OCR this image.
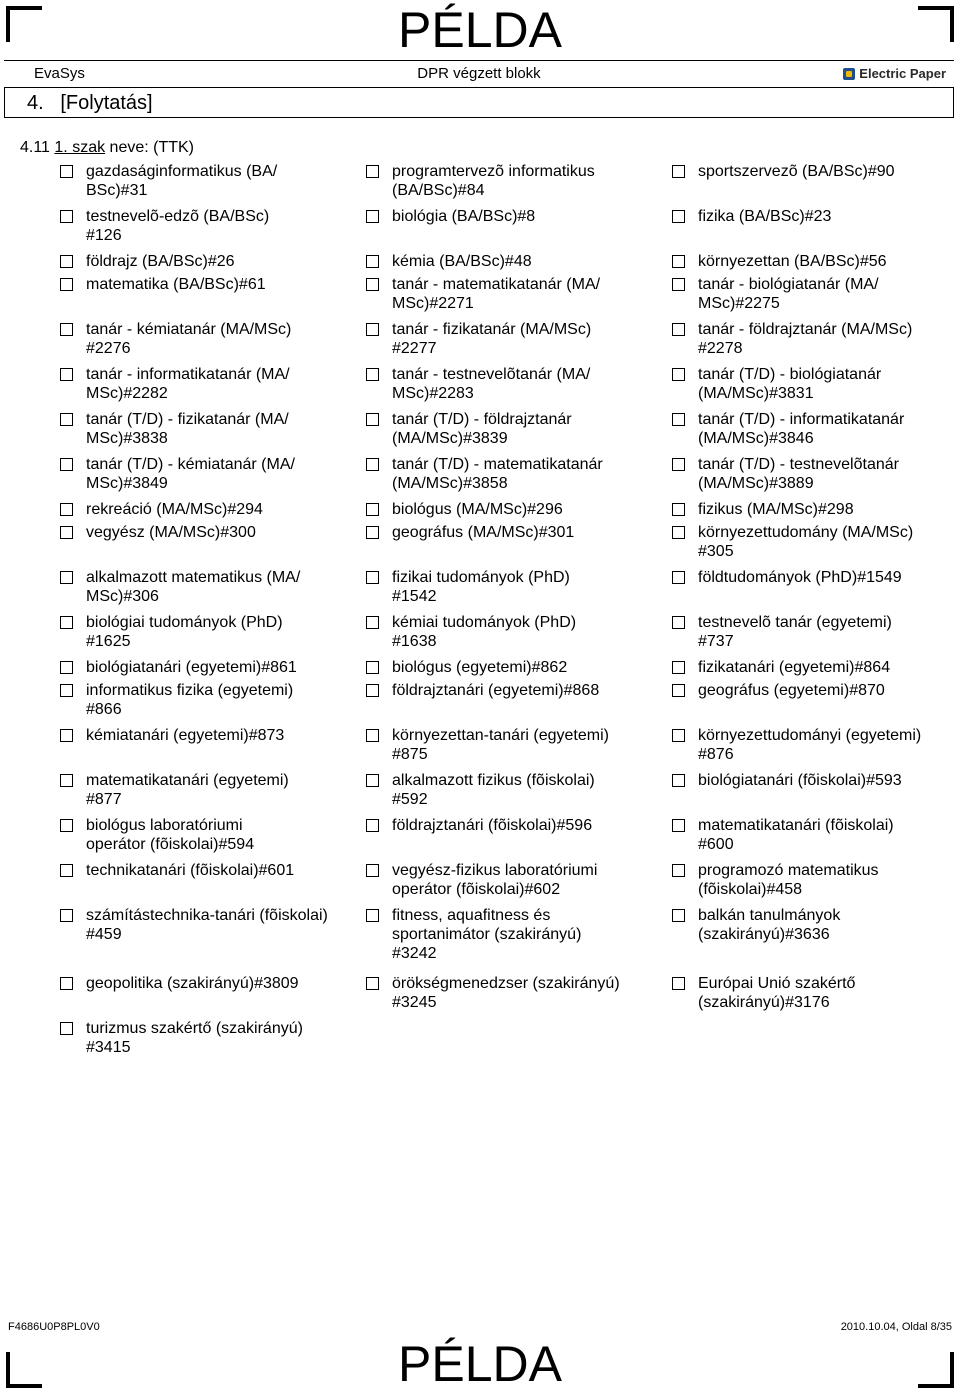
PÉLDA
EvaSys	DPR végzett blokk	Electric Paper
4.   [Folytatás]
4.11 1. szak neve: (TTK)
gazdaságinformatikus (BA/
BSc)#31
testnevelõ-edzõ (BA/BSc)
#126
földrajz (BA/BSc)#26
matematika (BA/BSc)#61
tanár - kémiatanár (MA/MSc)
#2276
tanár - informatikatanár (MA/
MSc)#2282
tanár (T/D) - fizikatanár (MA/
MSc)#3838
tanár (T/D) - kémiatanár (MA/
MSc)#3849
rekreáció (MA/MSc)#294
vegyész (MA/MSc)#300
alkalmazott matematikus (MA/
MSc)#306
biológiai tudományok (PhD)
#1625
biológiatanári (egyetemi)#861
informatikus fizika (egyetemi)
#866
kémiatanári (egyetemi)#873
matematikatanári (egyetemi)
#877
biológus laboratóriumi
operátor (fõiskolai)#594
technikatanári (fõiskolai)#601
számítástechnika-tanári (fõiskolai)
#459
geopolitika (szakirányú)#3809
turizmus szakértő (szakirányú)
#3415
programtervezõ informatikus
(BA/BSc)#84
biológia (BA/BSc)#8
kémia (BA/BSc)#48
tanár - matematikatanár (MA/
MSc)#2271
tanár - fizikatanár (MA/MSc)
#2277
tanár - testnevelõtanár (MA/
MSc)#2283
tanár (T/D) - földrajztanár
(MA/MSc)#3839
tanár (T/D) - matematikatanár
(MA/MSc)#3858
biológus (MA/MSc)#296
geográfus (MA/MSc)#301
fizikai tudományok (PhD)
#1542
kémiai tudományok (PhD)
#1638
biológus (egyetemi)#862
földrajztanári (egyetemi)#868
környezettan-tanári (egyetemi)
#875
alkalmazott fizikus (fõiskolai)
#592
földrajztanári (fõiskolai)#596
vegyész-fizikus laboratóriumi
operátor (fõiskolai)#602
fitness, aquafitness és
sportanimátor (szakirányú)
#3242
örökségmenedzser (szakirányú)
#3245
sportszervezõ (BA/BSc)#90
fizika (BA/BSc)#23
környezettan (BA/BSc)#56
tanár - biológiatanár (MA/
MSc)#2275
tanár - földrajztanár (MA/MSc)
#2278
tanár (T/D) - biológiatanár
(MA/MSc)#3831
tanár (T/D) - informatikatanár
(MA/MSc)#3846
tanár (T/D) - testnevelõtanár
(MA/MSc)#3889
fizikus (MA/MSc)#298
környezettudomány (MA/MSc)
#305
földtudományok (PhD)#1549
testnevelõ tanár (egyetemi)
#737
fizikatanári (egyetemi)#864
geográfus (egyetemi)#870
környezettudományi (egyetemi)
#876
biológiatanári (fõiskolai)#593
matematikatanári (fõiskolai)
#600
programozó matematikus
(fõiskolai)#458
balkán tanulmányok
(szakirányú)#3636
Európai Unió szakértő
(szakirányú)#3176
PÉLDA
F4686U0P8PL0V0	2010.10.04, Oldal 8/35
